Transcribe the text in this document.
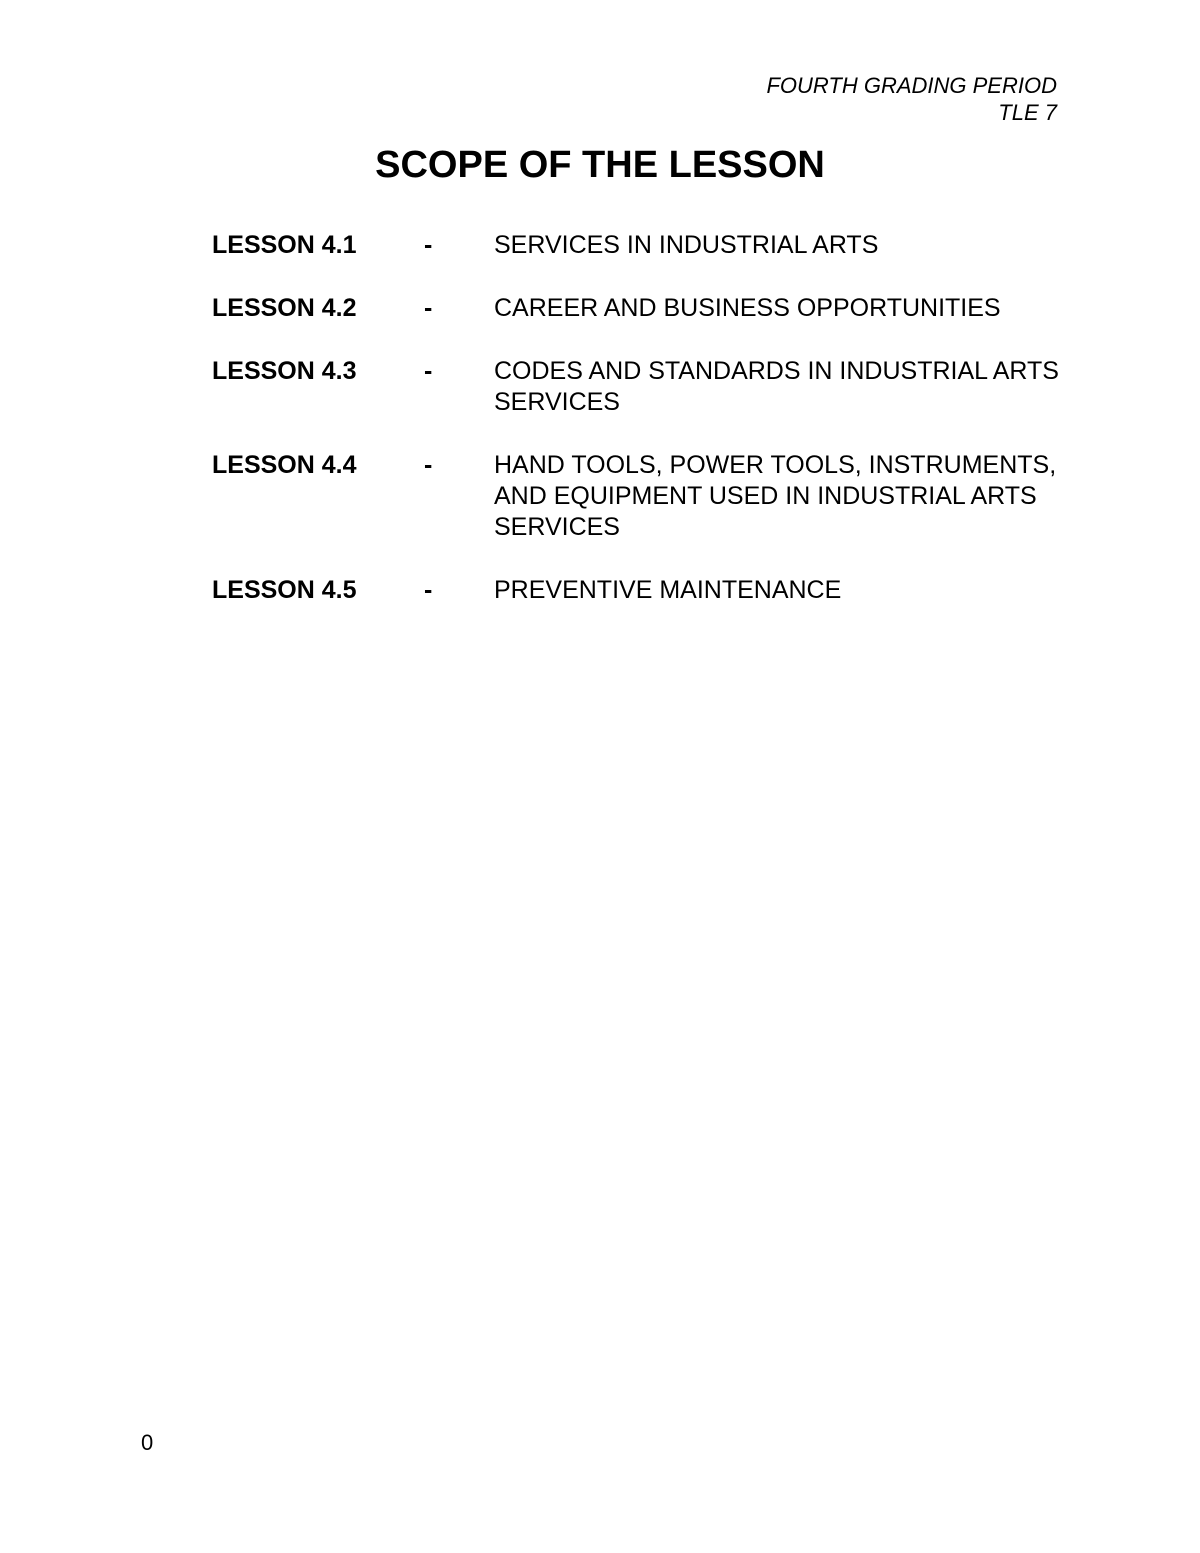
FOURTH GRADING PERIOD
TLE 7
SCOPE OF THE LESSON
LESSON 4.1	-	SERVICES IN INDUSTRIAL ARTS
LESSON 4.2	-	CAREER AND BUSINESS OPPORTUNITIES
LESSON 4.3	-	CODES AND STANDARDS IN INDUSTRIAL ARTS SERVICES
LESSON 4.4	-	HAND TOOLS, POWER TOOLS, INSTRUMENTS, AND EQUIPMENT USED IN INDUSTRIAL ARTS SERVICES
LESSON 4.5	-	PREVENTIVE MAINTENANCE
0
